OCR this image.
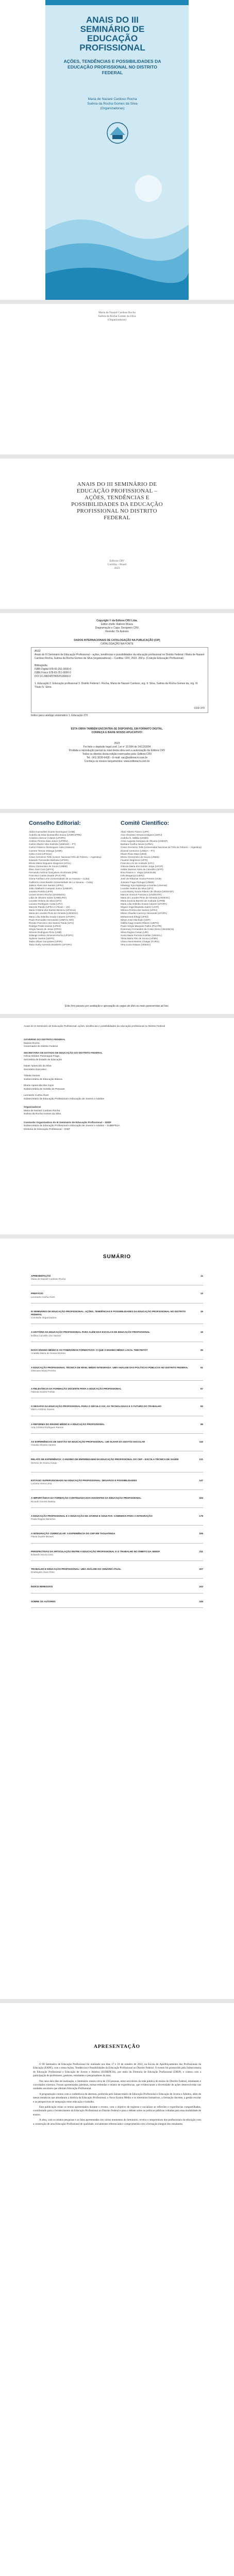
ANAIS DO III SEMINÁRIO DE EDUCAÇÃO PROFISSIONAL
AÇÕES, TENDÊNCIAS E POSSIBILIDADES DA EDUCAÇÃO PROFISSIONAL NO DISTRITO FEDERAL
Maria de Nazaré Cardoso Rocha
Suênia da Rocha Gomes da Silva
(Organizadoras)
Maria de Nazaré Cardoso Rocha
Suênia da Rocha Gomes da Silva
(Organizadoras)
ANAIS DO III SEMINÁRIO DE
EDUCAÇÃO PROFISSIONAL –
AÇÕES, TENDÊNCIAS E
POSSIBILIDADES DA EDUCAÇÃO
PROFISSIONAL NO DISTRITO
FEDERAL
Editora CRV
Curitiba – Brasil
2023
Copyright © da Editora CRV Ltda.
Editor-chefe: Railson Moura
Diagramação e Capa: Designers CRV
Revisão: Os Autores
DADOS INTERNACIONAIS DE CATALOGAÇÃO NA PUBLICAÇÃO (CIP)
CATALOGAÇÃO NA FONTE
A532
Anais do III Seminário de Educação Profissional – ações, tendências e possibilidades da educação profissional no Distrito Federal / Maria de Nazaré Cardoso Rocha, Suênia da Rocha Gomes da Silva (organizadoras) – Curitiba: CRV, 2023. 250 p. (Coleção Educação Profissional)

Bibliografia
ISBN Digital 978-65-251-0000-0
ISBN Físico 978-65-251-0000-0
DOI 10.24824/978652510000.0

1. Educação 2. Educação profissional 3. Distrito Federal I. Rocha, Maria de Nazaré Cardoso, org. II. Silva, Suênia da Rocha Gomes da, org. III. Título IV. Série.
CDD 370
Índice para catálogo sistemático 1. Educação 370
ESTA OBRA TAMBÉM ENCONTRA-SE DISPONÍVEL EM FORMATO DIGITAL.
CONHEÇA E BAIXE NOSSO APLICATIVO!
2023
Foi feito o depósito legal conf. Lei nº 10.994 de 14/12/2004
Proibida a reprodução parcial ou total desta obra sem a autorização da Editora CRV
Todos os direitos desta edição reservados pela: Editora CRV
Tel.: (41) 3039-6418 – E-mail: sac@editoracrv.com.br
Conheça os nossos lançamentos: www.editoracrv.com.br
Conselho Editorial:	Comitê Científico:
Aldira Guimarães Duarte Domínguez (UNB)
Andréia da Silva Quintanilha Sousa (UNIR/UFRN)
Anselmo Alencar Colares (UFOPA)
Antônio Pereira Gaio Júnior (UFRRJ)
Carlos Alberto Vilar Estêvão (UMINHO – PT)
Carlos Federico Dominguez Avila (Unieuro)
Carmen Tereza Velanga (UNIR)
Celso Conti (UFSCar)
Cesar Gerónimo Tello (Univer. Nacional Três de Febrero – Argentina)
Eduardo Fernandes Barbosa (UFMG)
Elione Maria Nogueira Diogenes (UFAL)
Elizeu Clementino de Souza (UNEB)
Élsio José Corá (UFFS)
Fernando Antônio Gonçalves Alcoforado (IPB)
Francisco Carlos Duarte (PUC-PR)
Gloria Fariñas León (Universidade de La Havana – Cuba)
Guillermo Arias Beatón (Universidade de La Havana – Cuba)
Jailson Alves dos Santos (UFRJ)
João Adalberto Campato Junior (UNESP)
Josania Portela (UFPI)
Leonel Severo Rocha (UNISINOS)
Lídia de Oliveira Xavier (UNIEURO)
Lourdes Helena da Silva (UFV)
Luciano Rodrigues Costa (UFV)
Marcelo Paixão (UFRJ e UTexas – US)
Maria Cristina dos Santos Bezerra (UFSCar)
Maria de Lourdes Pinto de Almeida (UNOESC)
Maria Lília Imbiriba Sousa Colares (UFOPA)
Paulo Romualdo Hernandes (UNIFAL-MG)
Renato Francisco dos Santos Paula (UFG)
Rodrigo Pratte-Santos (UFES)
Sérgio Nunes de Jesus (IFRO)
Simone Rodrigues Pinto (UNB)
Solange Helena Ximenes-Rocha (UFOPA)
Sydione Santos (UEPG)
Tadeu Oliver Gonçalves (UFPA)
Tania Suely Azevedo Brasileiro (UFOPA)
Altair Alberto Fávero (UPF)
Ana Chrystina Venancio Mignot (UERJ)
Andréia N. Militão (UEMS)
Anna Augusta Sampaio de Oliveira (UNESP)
Barbara Coelho Neves (UFBA)
Cesar Gerónimo Tello (Universidad Nacional de Três de Febrero – Argentina)
Diosnel Centurion (UNIDA – PY)
Eliane Rose Maio (UEM)
Elizeu Clementino de Souza (UNEB)
Fauston Negreiros (UFPI)
Francisco Ari de Andrade (UFC)
Gláucia Maria dos Santos Jorge (UFOP)
Helder Buenos Aires de Carvalho (UFPI)
Ilma Passos A. Veiga (UNICEUB)
Inês Bragança (UERJ)
José de Ribamar Sousa Pereira (UCB)
Jussara Fraga Portugal (UNEB)
Kilwangy Kya Kapitango-a-Samba (Unemat)
Lourdes Helena da Silva (UFV)
Lucia Marisy Souza Ribeiro de Oliveira (UNIVASF)
Marcos Vinicius Francisco (UNOESTE)
Maria de Lourdes Pinto de Almeida (UNOESC)
Maria Eurácia Barreto de Andrade (UFRB)
Maria Lília Imbiriba Sousa Colares (UFOPA)
Míguel Ángel Bautista Juárez (UCR)
Mônica Pereira dos Santos (UFRJ)
Mirian Cláudia Lourenço Simonetti (UFOPA)
Mohammed Elhajji (UFRJ)
Nilson José Machado (USP)
Odiléa Kagy Soares Ribeiro (UEPG)
Paulo Sérgio Marques Fialho (PUCPR)
Rosemary Fernandes da Costa Vieira (UNISINOS)
Silvia Regina Canan (URI)
Sonia Maria Ferreira Koehler (UNISAL)
Tânia Maria Filiú de Souza (UFMS)
Vânia Alves Martins Chaigar (FURG)
Vera Lucia Gaspar (UDESC)
Este livro passou por avaliação e aprovação às cegas de dois ou mais pareceristas ad hoc.
Anais do III Seminário de Educação Profissional: ações, tendências e possibilidades da educação profissional no Distrito Federal
GOVERNO DO DISTRITO FEDERAL
Ibaneis Rocha
Governador do Distrito Federal
SECRETARIA DE ESTADO DE EDUCAÇÃO DO DISTRITO FEDERAL
Hélvia Miridan Paranaguá Fraga
Secretária de Estado de Educação
Isaias Aparecido da Silva
Secretário Executivo
Tábata Santos
Subsecretária de Educação Básica
Eliane Aparecida dos Anjos
Subsecretária de Gestão de Pessoas
Leonardo Cunha Alves
Subsecretário de Educação Profissional e Educação de Jovens e Adultos
Organizadoras
Maria de Nazaré Cardoso Rocha
Suênia da Rocha Gomes da Silva
Comissão Organizadora do III Seminário de Educação Profissional – SEDF
Subsecretaria de Educação Profissional e Educação de Jovens e Adultos – SUBEPEJA
Diretoria de Educação Profissional – DIEP
SUMÁRIO
APRESENTAÇÃO	11
Maria de Nazaré Cardoso Rocha
PREFÁCIO	13
Leonardo Cunha Alves
III SEMINÁRIO DE EDUCAÇÃO PROFISSIONAL: AÇÕES, TENDÊNCIAS E POSSIBILIDADES DA EDUCAÇÃO PROFISSIONAL NO DISTRITO FEDERAL
15
Comissão Organizadora
A HISTÓRIA DA EDUCAÇÃO PROFISSIONAL PARA ALÉM DAS ESCOLAS DE EDUCAÇÃO PROFISSIONAL	19
Edilma Carvalho dos Santos
NOVO ENSINO MÉDIO E OS ITINERÁRIOS FORMATIVOS: O QUE O ENSINO MÉDIO LOCAL TEM FEITO?	35
Anatália Maria de Sousa Moreira
A EDUCAÇÃO PROFISSIONAL TÉCNICA DE NÍVEL MÉDIO INTEGRADA: UMA ANÁLISE DAS POLÍTICAS PÚBLICAS NO DISTRITO FEDERAL	51
Gleiciane Maria Pereira
A RELEVÂNCIA DA FORMAÇÃO DOCENTE PARA A EDUCAÇÃO PROFISSIONAL	67
Fabíola Soares Freitas
O DESAFIO DA EDUCAÇÃO PROFISSIONAL PARA O SÉCULO XXI: AS TECNOLOGIAS E O FUTURO DO TRABALHO	83
Marco Antônio Soares
A REFORMA DO ENSINO MÉDIO E A EDUCAÇÃO PROFISSIONAL	99
Ana Cristina Rodrigues Ramos
AS EXPERIÊNCIAS DE GESTÃO NA EDUCAÇÃO PROFISSIONAL: UM OLHAR DA GESTÃO ESCOLAR	115
Cláudia Oliveira Santos
RELATO DE EXPERIÊNCIA: O ENSINO DE ENFERMAGEM NA EDUCAÇÃO PROFISSIONAL DO CEP – ESCOLA TÉCNICA DE SAÚDE	131
Simone de Souza Araújo
ESTÁGIO SUPERVISIONADO NA EDUCAÇÃO PROFISSIONAL: DESAFIOS E POSSIBILIDADES	147
Luciana Vieira Lima
A IMPORTÂNCIA DA FORMAÇÃO CONTINUADA DOS DOCENTES DA EDUCAÇÃO PROFISSIONAL	163
Ricardo Gomes Batista
A EDUCAÇÃO PROFISSIONAL E A EDUCAÇÃO DE JOVENS E ADULTOS: CAMINHOS PARA A INTEGRAÇÃO	179
Paula Regina Menezes
A INTEGRAÇÃO CURRICULAR: A EXPERIÊNCIA DO CEP EM TAGUATINGA	195
Flávia Duarte Moraes
PERSPECTIVAS DA ARTICULAÇÃO ENTRE A EDUCAÇÃO PROFISSIONAL E O TRABALHO NO ÂMBITO DA SEEDF	211
Eduardo Souza Lima
TRABALHO E EDUCAÇÃO PROFISSIONAL: UMA ANÁLISE DO CENÁRIO ATUAL	227
Rosângela Alves Pinto
ÍNDICE REMISSIVO	243
SOBRE OS AUTORES	245
APRESENTAÇÃO

O III Seminário de Educação Profissional foi realizado nos dias 17 e 18 de outubro de 2022, na Escola de Aperfeiçoamento dos Profissionais da Educação (EAPE), com o tema Ações, Tendências e Possibilidades da Educação Profissional no Distrito Federal. O evento foi promovido pela Subsecretaria de Educação Profissional e Educação de Jovens e Adultos (SUBEPEJA), por meio da Diretoria de Educação Profissional (DIEP), e contou com a participação de professores, gestores, estudantes e pesquisadores da área.

Nos seus dois dias de realização, o Seminário reuniu cerca de 250 pessoas, entre servidores da rede pública de ensino do Distrito Federal, estudantes e convidados externos. Foram apresentadas palestras, mesas-redondas e relatos de experiências, que evidenciaram a diversidade de ações desenvolvidas nas unidades escolares que ofertam Educação Profissional.

A programação contou com a conferência de abertura, proferida pelo Subsecretário de Educação Profissional e Educação de Jovens e Adultos, além de mesas temáticas que abordaram a história da Educação Profissional, o Novo Ensino Médio e os itinerários formativos, a formação docente, a gestão escolar e as perspectivas de integração entre educação e trabalho.

Esta publicação reúne os textos apresentados durante o evento, com o objetivo de registrar e socializar as reflexões e experiências compartilhadas, contribuindo para o fortalecimento da Educação Profissional no Distrito Federal e para o debate sobre as políticas públicas voltadas para essa modalidade de ensino.

A obra, com os relatos pesquisas e as falas apresentadas nos vários momentos do Seminário, revela o compromisso dos profissionais da educação com a construção de uma Educação Profissional de qualidade, socialmente referenciada e comprometida com a formação integral dos estudantes.
